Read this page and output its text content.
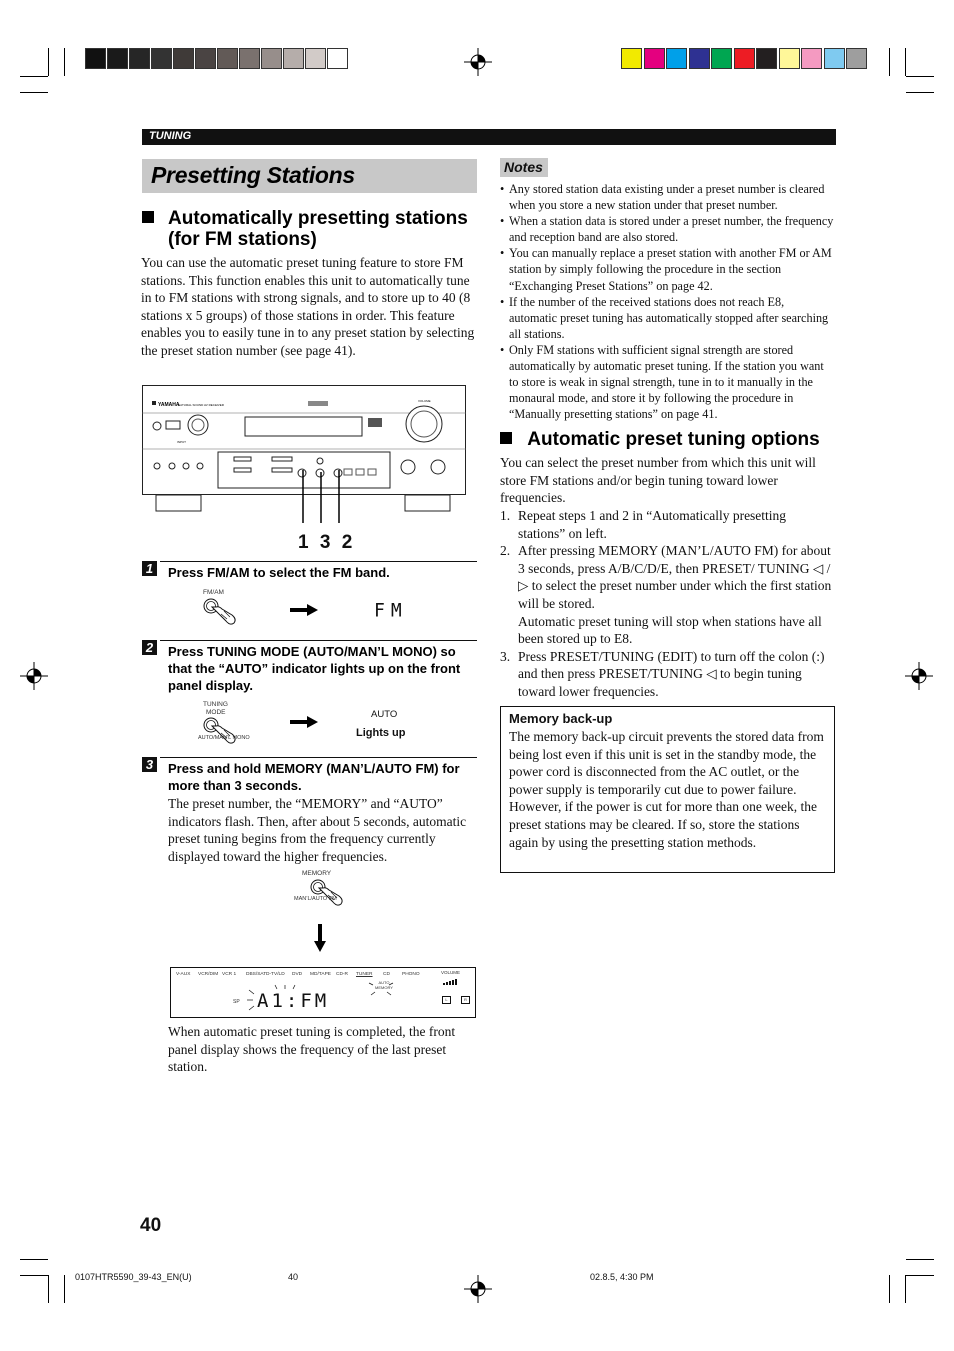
TUNING
Presetting Stations
Automatically presetting stations
(for FM stations)
You can use the automatic preset tuning feature to store FM stations. This function enables this unit to automatically tune in to FM stations with strong signals, and to store up to 40 (8 stations x 5 groups) of those stations in order. This feature enables you to easily tune in to any preset station by selecting the preset station number (see page 41).
YAMAHA
NATURAL SOUND AV RECEIVER
INPUT
VOLUME
1 3 2
1 Press FM/AM to select the FM band.
FM/AM
FM
2 Press TUNING MODE (AUTO/MAN’L MONO) so that the “AUTO” indicator lights up on the front panel display.
TUNING
MODE
AUTO/MAN’L MONO
AUTO
Lights up
3 Press and hold MEMORY (MAN’L/AUTO FM) for more than 3 seconds.
The preset number, the “MEMORY” and “AUTO” indicators flash. Then, after about 5 seconds, automatic preset tuning begins from the frequency currently displayed toward the higher frequencies.
MEMORY
MAN’L/AUTO FM
V-AUX VCR/DIM VCR 1 DBS/SAT D-TV/LD DVD MD/TAPE CD-R TUNER CD	PHONO	VOLUME
AUTO
MEMORY
SP A1:FM	L	R
When automatic preset tuning is completed, the front panel display shows the frequency of the last preset station.
Notes
• Any stored station data existing under a preset number is cleared when you store a new station under that preset number.
• When a station data is stored under a preset number, the frequency and reception band are also stored.
• You can manually replace a preset station with another FM or AM station by simply following the procedure in the section “Exchanging Preset Stations” on page 42.
• If the number of the received stations does not reach E8, automatic preset tuning has automatically stopped after searching all stations.
• Only FM stations with sufficient signal strength are stored automatically by automatic preset tuning. If the station you want to store is weak in signal strength, tune in to it manually in the monaural mode, and store it by following the procedure in “Manually presetting stations” on page 41.
Automatic preset tuning options
You can select the preset number from which this unit will store FM stations and/or begin tuning toward lower frequencies.
1. Repeat steps 1 and 2 in “Automatically presetting stations” on left.
2. After pressing MEMORY (MAN’L/AUTO FM) for about 3 seconds, press A/B/C/D/E, then PRESET/ TUNING ◁ / ▷ to select the preset number under which the first station will be stored.
Automatic preset tuning will stop when stations have all been stored up to E8.
3. Press PRESET/TUNING (EDIT) to turn off the colon (:) and then press PRESET/TUNING ◁ to begin tuning toward lower frequencies.
Memory back-up
The memory back-up circuit prevents the stored data from being lost even if this unit is set in the standby mode, the power cord is disconnected from the AC outlet, or the power supply is temporarily cut due to power failure. However, if the power is cut for more than one week, the preset stations may be cleared. If so, store the stations again by using the presetting station methods.
40
0107HTR5590_39-43_EN(U)	40	02.8.5, 4:30 PM
